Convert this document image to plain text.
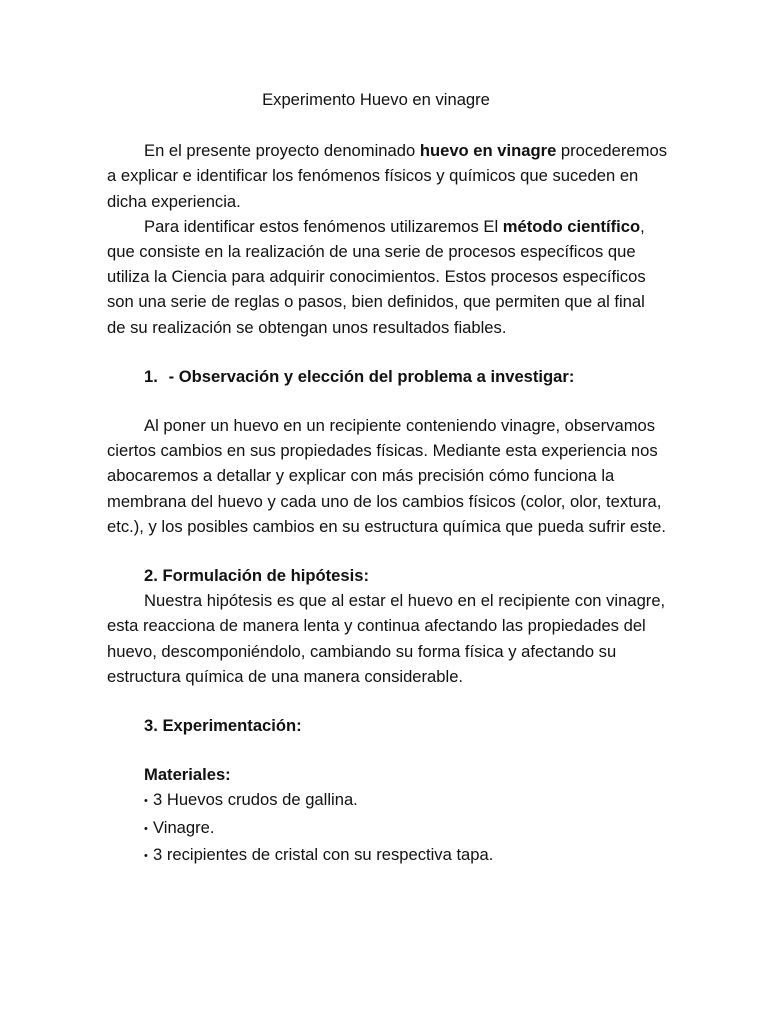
Experimento Huevo en vinagre

En el presente proyecto denominado huevo en vinagre procederemos a explicar e identificar los fenómenos físicos y químicos que suceden en dicha experiencia.

Para identificar estos fenómenos utilizaremos El método científico, que consiste en la realización de una serie de procesos específicos que utiliza la Ciencia para adquirir conocimientos. Estos procesos específicos son una serie de reglas o pasos, bien definidos, que permiten que al final de su realización se obtengan unos resultados fiables.

1. - Observación y elección del problema a investigar:

Al poner un huevo en un recipiente conteniendo vinagre, observamos ciertos cambios en sus propiedades físicas. Mediante esta experiencia nos abocaremos a detallar y explicar con más precisión cómo funciona la membrana del huevo y cada uno de los cambios físicos (color, olor, textura, etc.), y los posibles cambios en su estructura química que pueda sufrir este.

2. Formulación de hipótesis:

Nuestra hipótesis es que al estar el huevo en el recipiente con vinagre, esta reacciona de manera lenta y continua afectando las propiedades del huevo, descomponiéndolo, cambiando su forma física y afectando su estructura química de una manera considerable.

3. Experimentación:

Materiales:

• 3 Huevos crudos de gallina.
• Vinagre.
• 3 recipientes de cristal con su respectiva tapa.
